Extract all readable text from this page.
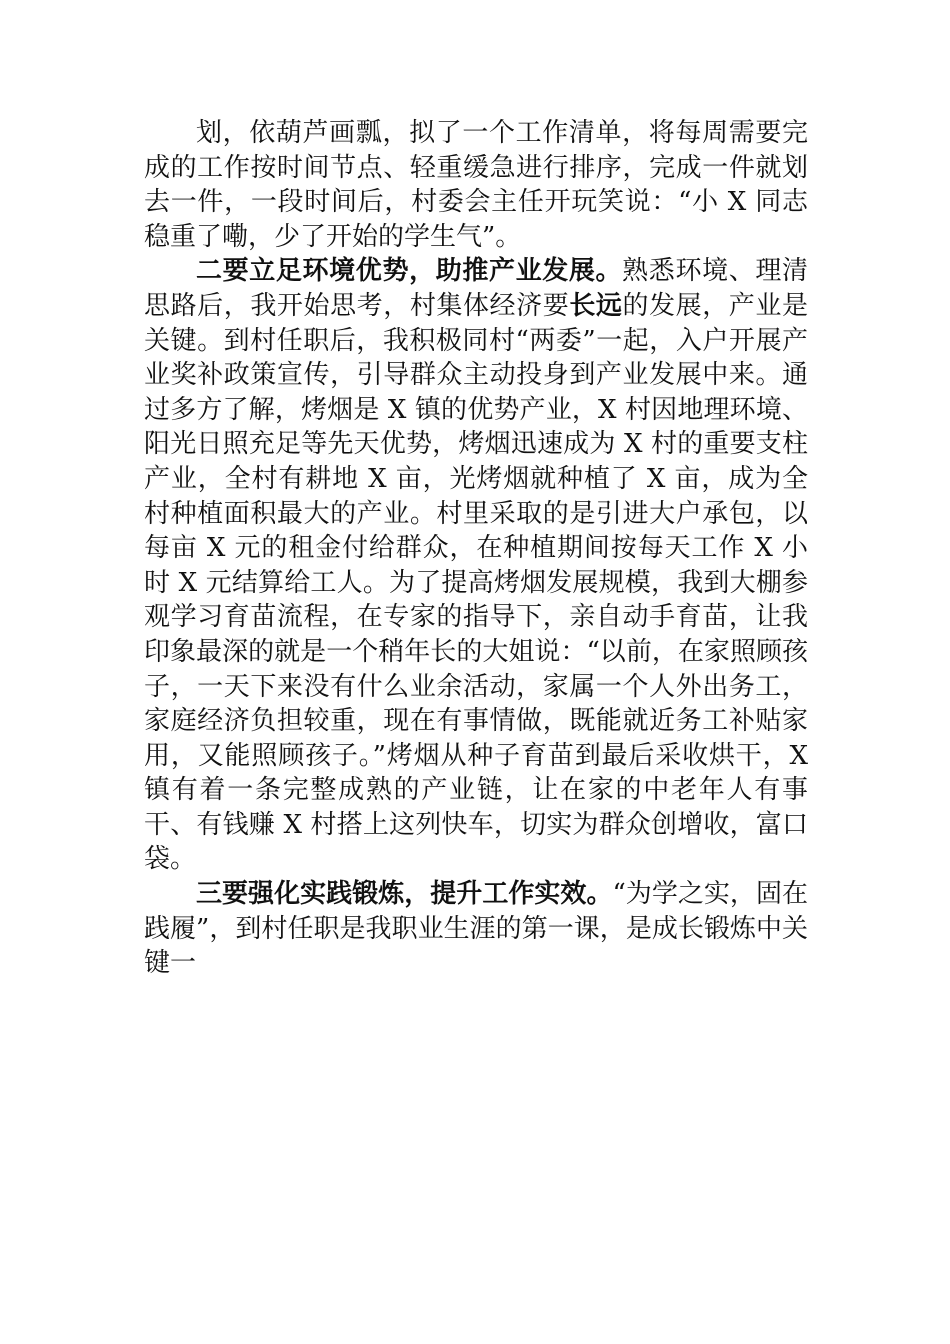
划，依葫芦画瓢，拟了一个工作清单，将每周需要完成的工作按时间节点、轻重缓急进行排序，完成一件就划去一件，一段时间后，村委会主任开玩笑说：“小 X 同志稳重了嘞，少了开始的学生气”。

二要立足环境优势，助推产业发展。熟悉环境、理清思路后，我开始思考，村集体经济要长远的发展，产业是关键。到村任职后，我积极同村“两委”一起，入户开展产业奖补政策宣传，引导群众主动投身到产业发展中来。通过多方了解，烤烟是 X 镇的优势产业，X 村因地理环境、阳光日照充足等先天优势，烤烟迅速成为 X 村的重要支柱产业，全村有耕地 X 亩，光烤烟就种植了 X 亩，成为全村种植面积最大的产业。村里采取的是引进大户承包，以每亩 X 元的租金付给群众，在种植期间按每天工作 X 小时 X 元结算给工人。为了提高烤烟发展规模，我到大棚参观学习育苗流程，在专家的指导下，亲自动手育苗，让我印象最深的就是一个稍年长的大姐说：“以前，在家照顾孩子，一天下来没有什么业余活动，家属一个人外出务工，家庭经济负担较重，现在有事情做，既能就近务工补贴家用，又能照顾孩子。”烤烟从种子育苗到最后采收烘干，X 镇有着一条完整成熟的产业链，让在家的中老年人有事干、有钱赚 X 村搭上这列快车，切实为群众创增收，富口袋。

三要强化实践锻炼，提升工作实效。“为学之实，固在践履”，到村任职是我职业生涯的第一课，是成长锻炼中关键一
